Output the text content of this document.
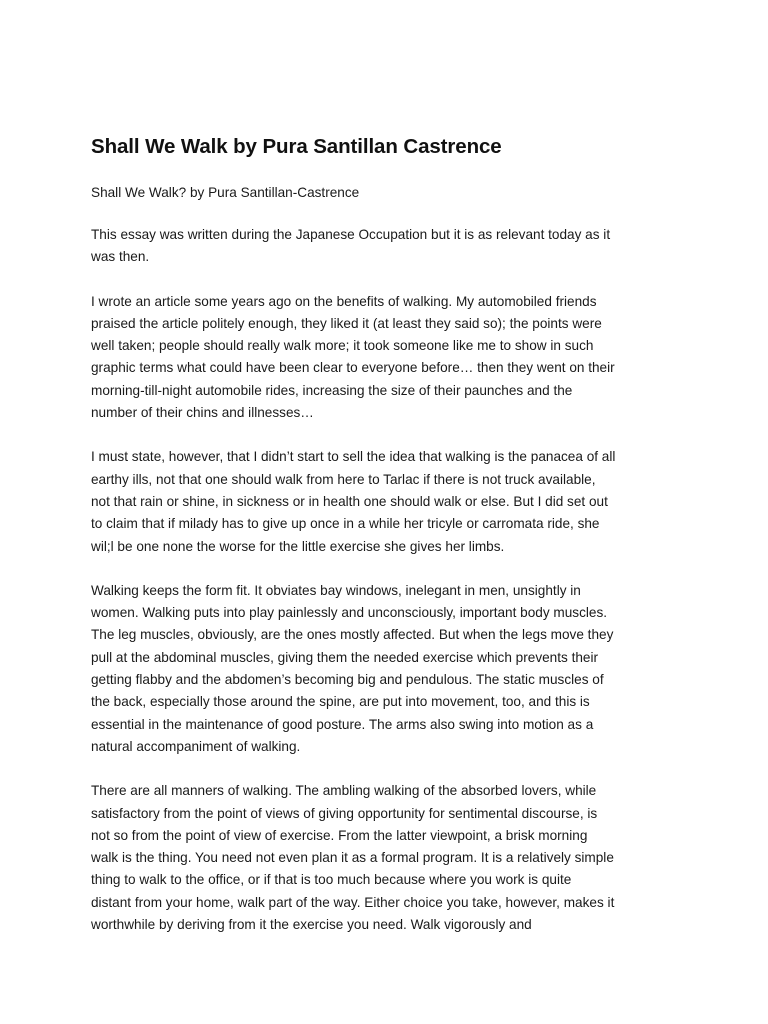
Shall We Walk by Pura Santillan Castrence

Shall We Walk? by Pura Santillan-Castrence

This essay was written during the Japanese Occupation but it is as relevant today as it
was then.

I wrote an article some years ago on the benefits of walking. My automobiled friends
praised the article politely enough, they liked it (at least they said so); the points were
well taken; people should really walk more; it took someone like me to show in such
graphic terms what could have been clear to everyone before… then they went on their
morning-till-night automobile rides, increasing the size of their paunches and the
number of their chins and illnesses…

I must state, however, that I didn’t start to sell the idea that walking is the panacea of all
earthy ills, not that one should walk from here to Tarlac if there is not truck available,
not that rain or shine, in sickness or in health one should walk or else. But I did set out
to claim that if milady has to give up once in a while her tricyle or carromata ride, she
wil;l be one none the worse for the little exercise she gives her limbs.

Walking keeps the form fit. It obviates bay windows, inelegant in men, unsightly in
women. Walking puts into play painlessly and unconsciously, important body muscles.
The leg muscles, obviously, are the ones mostly affected. But when the legs move they
pull at the abdominal muscles, giving them the needed exercise which prevents their
getting flabby and the abdomen’s becoming big and pendulous. The static muscles of
the back, especially those around the spine, are put into movement, too, and this is
essential in the maintenance of good posture. The arms also swing into motion as a
natural accompaniment of walking.

There are all manners of walking. The ambling walking of the absorbed lovers, while
satisfactory from the point of views of giving opportunity for sentimental discourse, is
not so from the point of view of exercise. From the latter viewpoint, a brisk morning
walk is the thing. You need not even plan it as a formal program. It is a relatively simple
thing to walk to the office, or if that is too much because where you work is quite
distant from your home, walk part of the way. Either choice you take, however, makes it
worthwhile by deriving from it the exercise you need. Walk vigorously and
